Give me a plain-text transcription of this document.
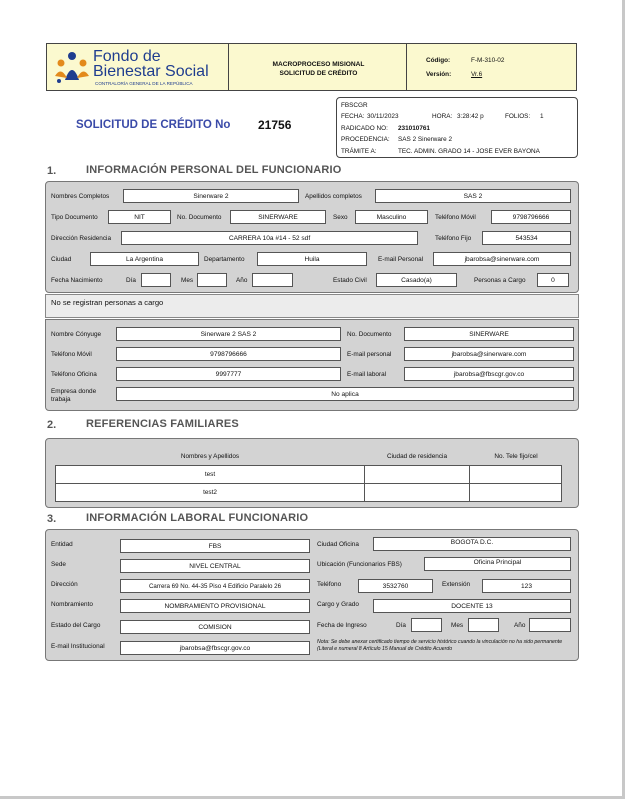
Fondo de
Bienestar Social
CONTRALORÍA GENERAL DE LA REPÚBLICA
MACROPROCESO MISIONAL
SOLICITUD DE CRÉDITO
Código:	F-M-310-02
Versión:	Vr.6
SOLICITUD DE CRÉDITO No 21756
FBSCGR
FECHA: 30/11/2023	HORA: 3:28:42 p	FOLIOS: 1
RADICADO NO: 231010761
PROCEDENCIA: SAS 2 Sinerware 2
TRÁMITE A:	TEC. ADMIN. GRADO 14 - JOSE EVER BAYONA
1.	INFORMACIÓN PERSONAL DEL FUNCIONARIO
Nombres Completos	Sinerware 2	Apellidos completos	SAS 2
Tipo Documento	NIT	No. Documento	SINERWARE	Sexo	Masculino	Teléfono Móvil	9798796666
Dirección Residencia	CARRERA 10a #14 - 52 sdf	Teléfono Fijo	543534
Ciudad	La Argentina	Departamento	Huila	E-mail Personal	jbarobsa@sinerware.com
Fecha Nacimiento	Día	Mes	Año	Estado Civil	Casado(a)	Personas a Cargo	0
No se registran personas a cargo
Nombre Cónyuge	Sinerware 2 SAS 2	No. Documento	SINERWARE
Teléfono Móvil	9798796666	E-mail personal	jbarobsa@sinerware.com
Teléfono Oficina	9997777	E-mail laboral	jbarobsa@fbscgr.gov.co
Empresa donde
trabaja
No aplica
2.	REFERENCIAS FAMILIARES
Nombres y Apellidos	Ciudad de residencia	No. Tele fijo/cel
test
test2
3.	INFORMACIÓN LABORAL FUNCIONARIO
Entidad	FBS	Ciudad Oficina	BOGOTA D.C.
Sede	NIVEL CENTRAL	Ubicación (Funcionarios FBS)	Oficina Principal
Dirección	Carrera 69 No. 44-35 Piso 4 Edificio Paralelo 26	Teléfono	3532760	Extensión	123
Nombramiento	NOMBRAMIENTO PROVISIONAL	Cargo y Grado	DOCENTE 13
Estado del Cargo	COMISION	Fecha de Ingreso	Día	Mes	Año
E-mail Institucional	jbarobsa@fbscgr.gov.co
Nota: Se debe anexar certificado tiempo de servicio histórico cuando la vinculación no ha sido permanente (Literal e numeral 8 Artículo 15 Manual de Crédito Acuerdo
